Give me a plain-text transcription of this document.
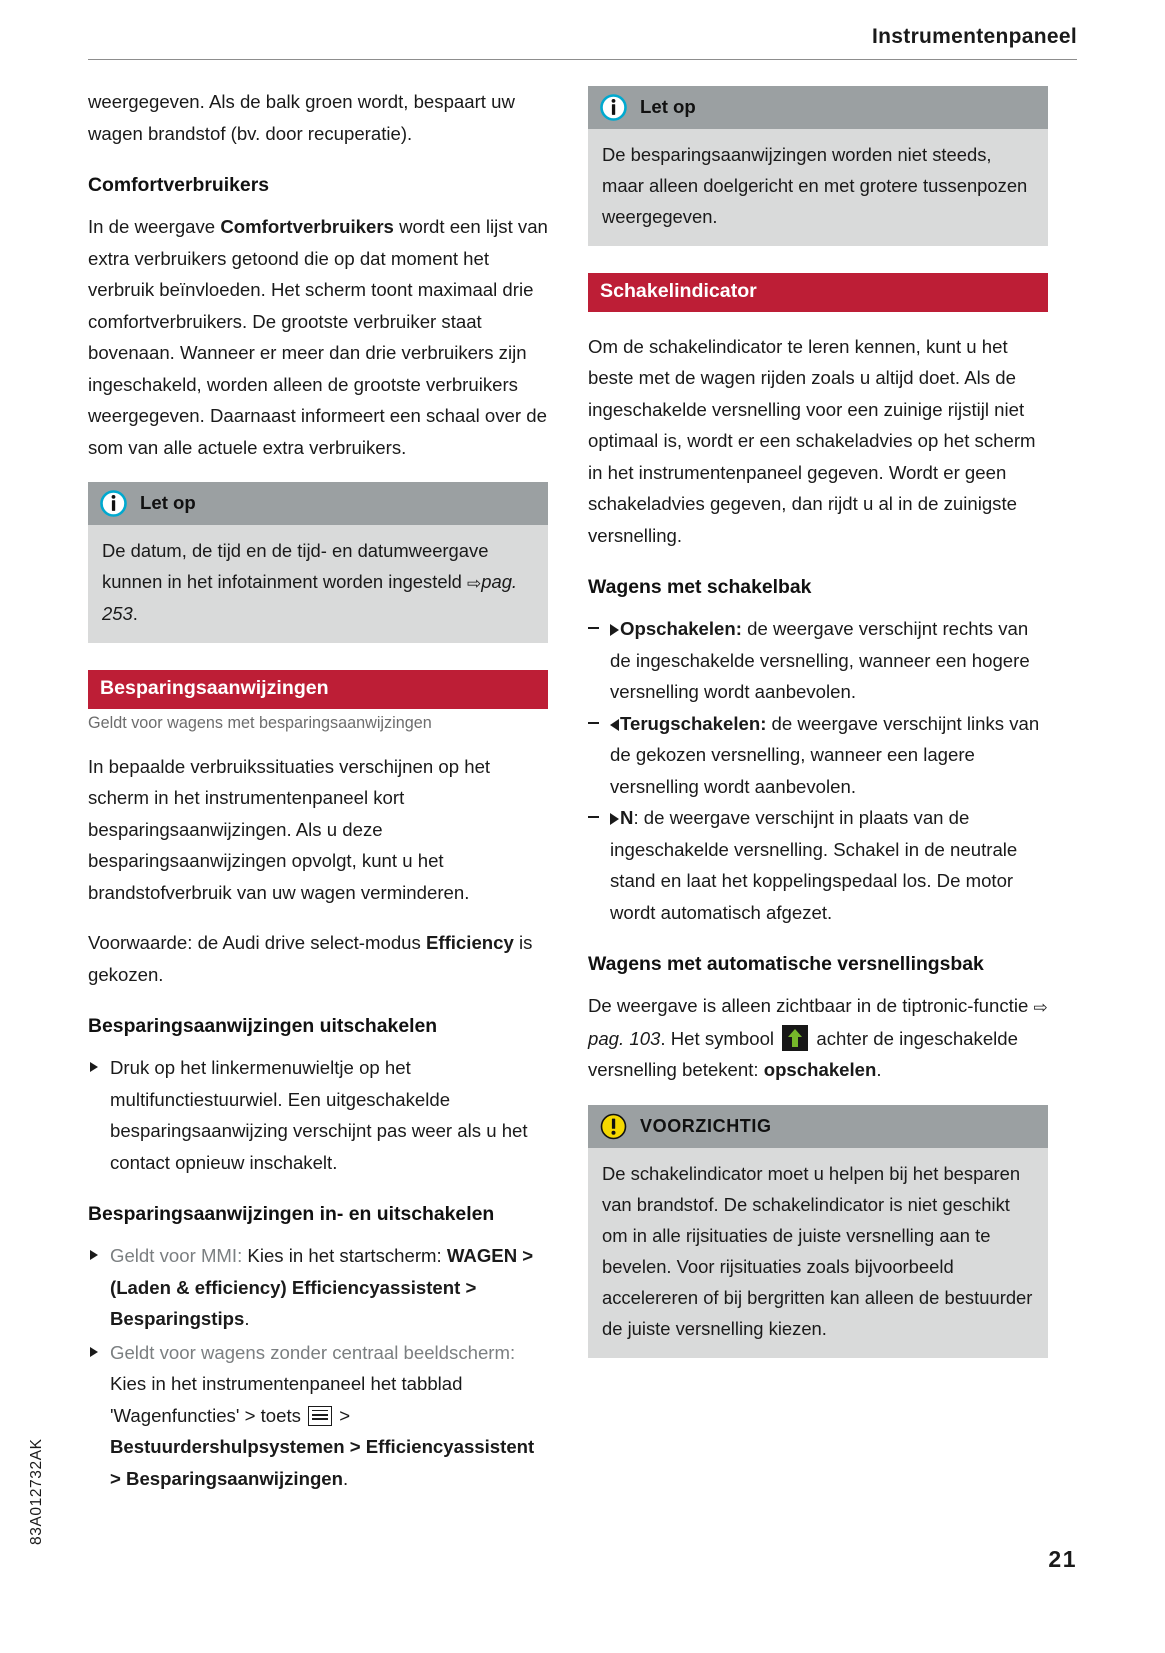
Instrumentenpaneel

weergegeven. Als de balk groen wordt, bespaart uw wagen brandstof (bv. door recuperatie).

Comfortverbruikers

In de weergave Comfortverbruikers wordt een lijst van extra verbruikers getoond die op dat moment het verbruik beïnvloeden. Het scherm toont maximaal drie comfortverbruikers. De grootste verbruiker staat bovenaan. Wanneer er meer dan drie verbruikers zijn ingeschakeld, worden alleen de grootste verbruikers weergegeven. Daarnaast informeert een schaal over de som van alle actuele extra verbruikers.

Let op

De datum, de tijd en de tijd- en datumweergave kunnen in het infotainment worden ingesteld ⇨pag. 253.

Besparingsaanwijzingen
Geldt voor wagens met besparingsaanwijzingen

In bepaalde verbruikssituaties verschijnen op het scherm in het instrumentenpaneel kort besparingsaanwijzingen. Als u deze besparingsaanwijzingen opvolgt, kunt u het brandstofverbruik van uw wagen verminderen.

Voorwaarde: de Audi drive select-modus Efficiency is gekozen.

Besparingsaanwijzingen uitschakelen
Druk op het linkermenuwieltje op het multifunctiestuurwiel. Een uitgeschakelde besparingsaanwijzing verschijnt pas weer als u het contact opnieuw inschakelt.
Besparingsaanwijzingen in- en uitschakelen
Geldt voor MMI: Kies in het startscherm: WAGEN > (Laden & efficiency) Efficiencyassistent > Besparingstips.
Geldt voor wagens zonder centraal beeldscherm: Kies in het instrumentenpaneel het tabblad 'Wagenfuncties' > toets
> Bestuurdershulpsystemen > Efficiencyassistent > Besparingsaanwijzingen.
Let op

De besparingsaanwijzingen worden niet steeds, maar alleen doelgericht en met grotere tussenpozen weergegeven.

Schakelindicator

Om de schakelindicator te leren kennen, kunt u het beste met de wagen rijden zoals u altijd doet. Als de ingeschakelde versnelling voor een zuinige rijstijl niet optimaal is, wordt er een schakeladvies op het scherm in het instrumentenpaneel gegeven. Wordt er geen schakeladvies gegeven, dan rijdt u al in de zuinigste versnelling.

Wagens met schakelbak
Opschakelen: de weergave verschijnt rechts van de ingeschakelde versnelling, wanneer een hogere versnelling wordt aanbevolen.
Terugschakelen: de weergave verschijnt links van de gekozen versnelling, wanneer een lagere versnelling wordt aanbevolen.
N: de weergave verschijnt in plaats van de ingeschakelde versnelling. Schakel in de neutrale stand en laat het koppelingspedaal los. De motor wordt automatisch afgezet.
Wagens met automatische versnellingsbak

De weergave is alleen zichtbaar in de tiptronic-functie ⇨pag. 103. Het symbool
achter de ingeschakelde versnelling betekent: opschakelen.

VOORZICHTIG

De schakelindicator moet u helpen bij het besparen van brandstof. De schakelindicator is niet geschikt om in alle rijsituaties de juiste versnelling aan te bevelen. Voor rijsituaties zoals bijvoorbeeld accelereren of bij bergritten kan alleen de bestuurder de juiste versnelling kiezen.

83A012732AK
21
